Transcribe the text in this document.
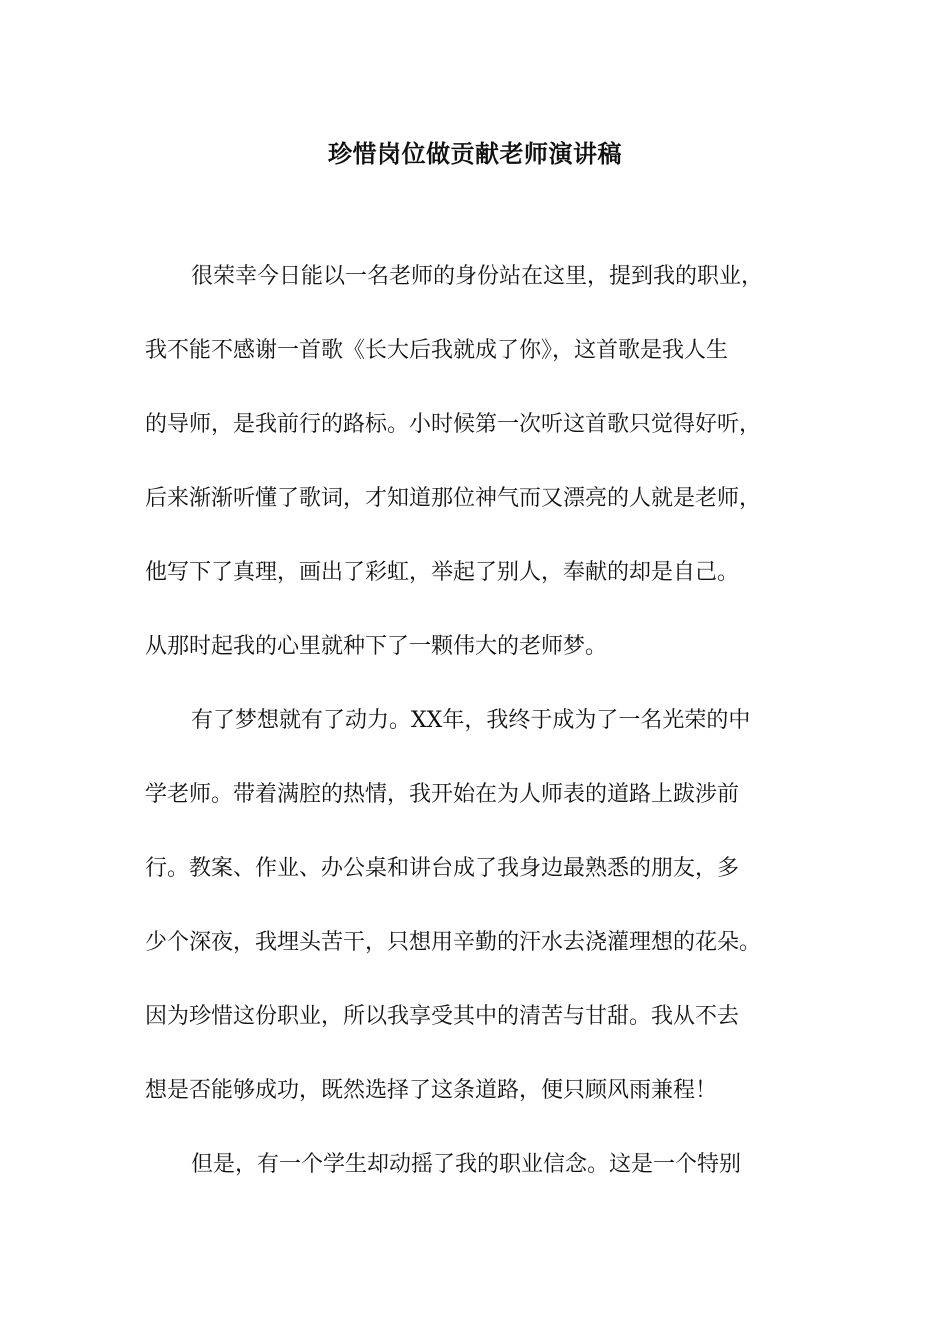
珍惜岗位做贡献老师演讲稿

很荣幸今日能以一名老师的身份站在这里，提到我的职业，

我不能不感谢一首歌《长大后我就成了你》，这首歌是我人生

的导师，是我前行的路标。小时候第一次听这首歌只觉得好听，

后来渐渐听懂了歌词，才知道那位神气而又漂亮的人就是老师，

他写下了真理，画出了彩虹，举起了别人，奉献的却是自己。

从那时起我的心里就种下了一颗伟大的老师梦。

有了梦想就有了动力。XX年，我终于成为了一名光荣的中

学老师。带着满腔的热情，我开始在为人师表的道路上跋涉前

行。教案、作业、办公桌和讲台成了我身边最熟悉的朋友，多

少个深夜，我埋头苦干，只想用辛勤的汗水去浇灌理想的花朵。

因为珍惜这份职业，所以我享受其中的清苦与甘甜。我从不去

想是否能够成功，既然选择了这条道路，便只顾风雨兼程！

但是，有一个学生却动摇了我的职业信念。这是一个特别
